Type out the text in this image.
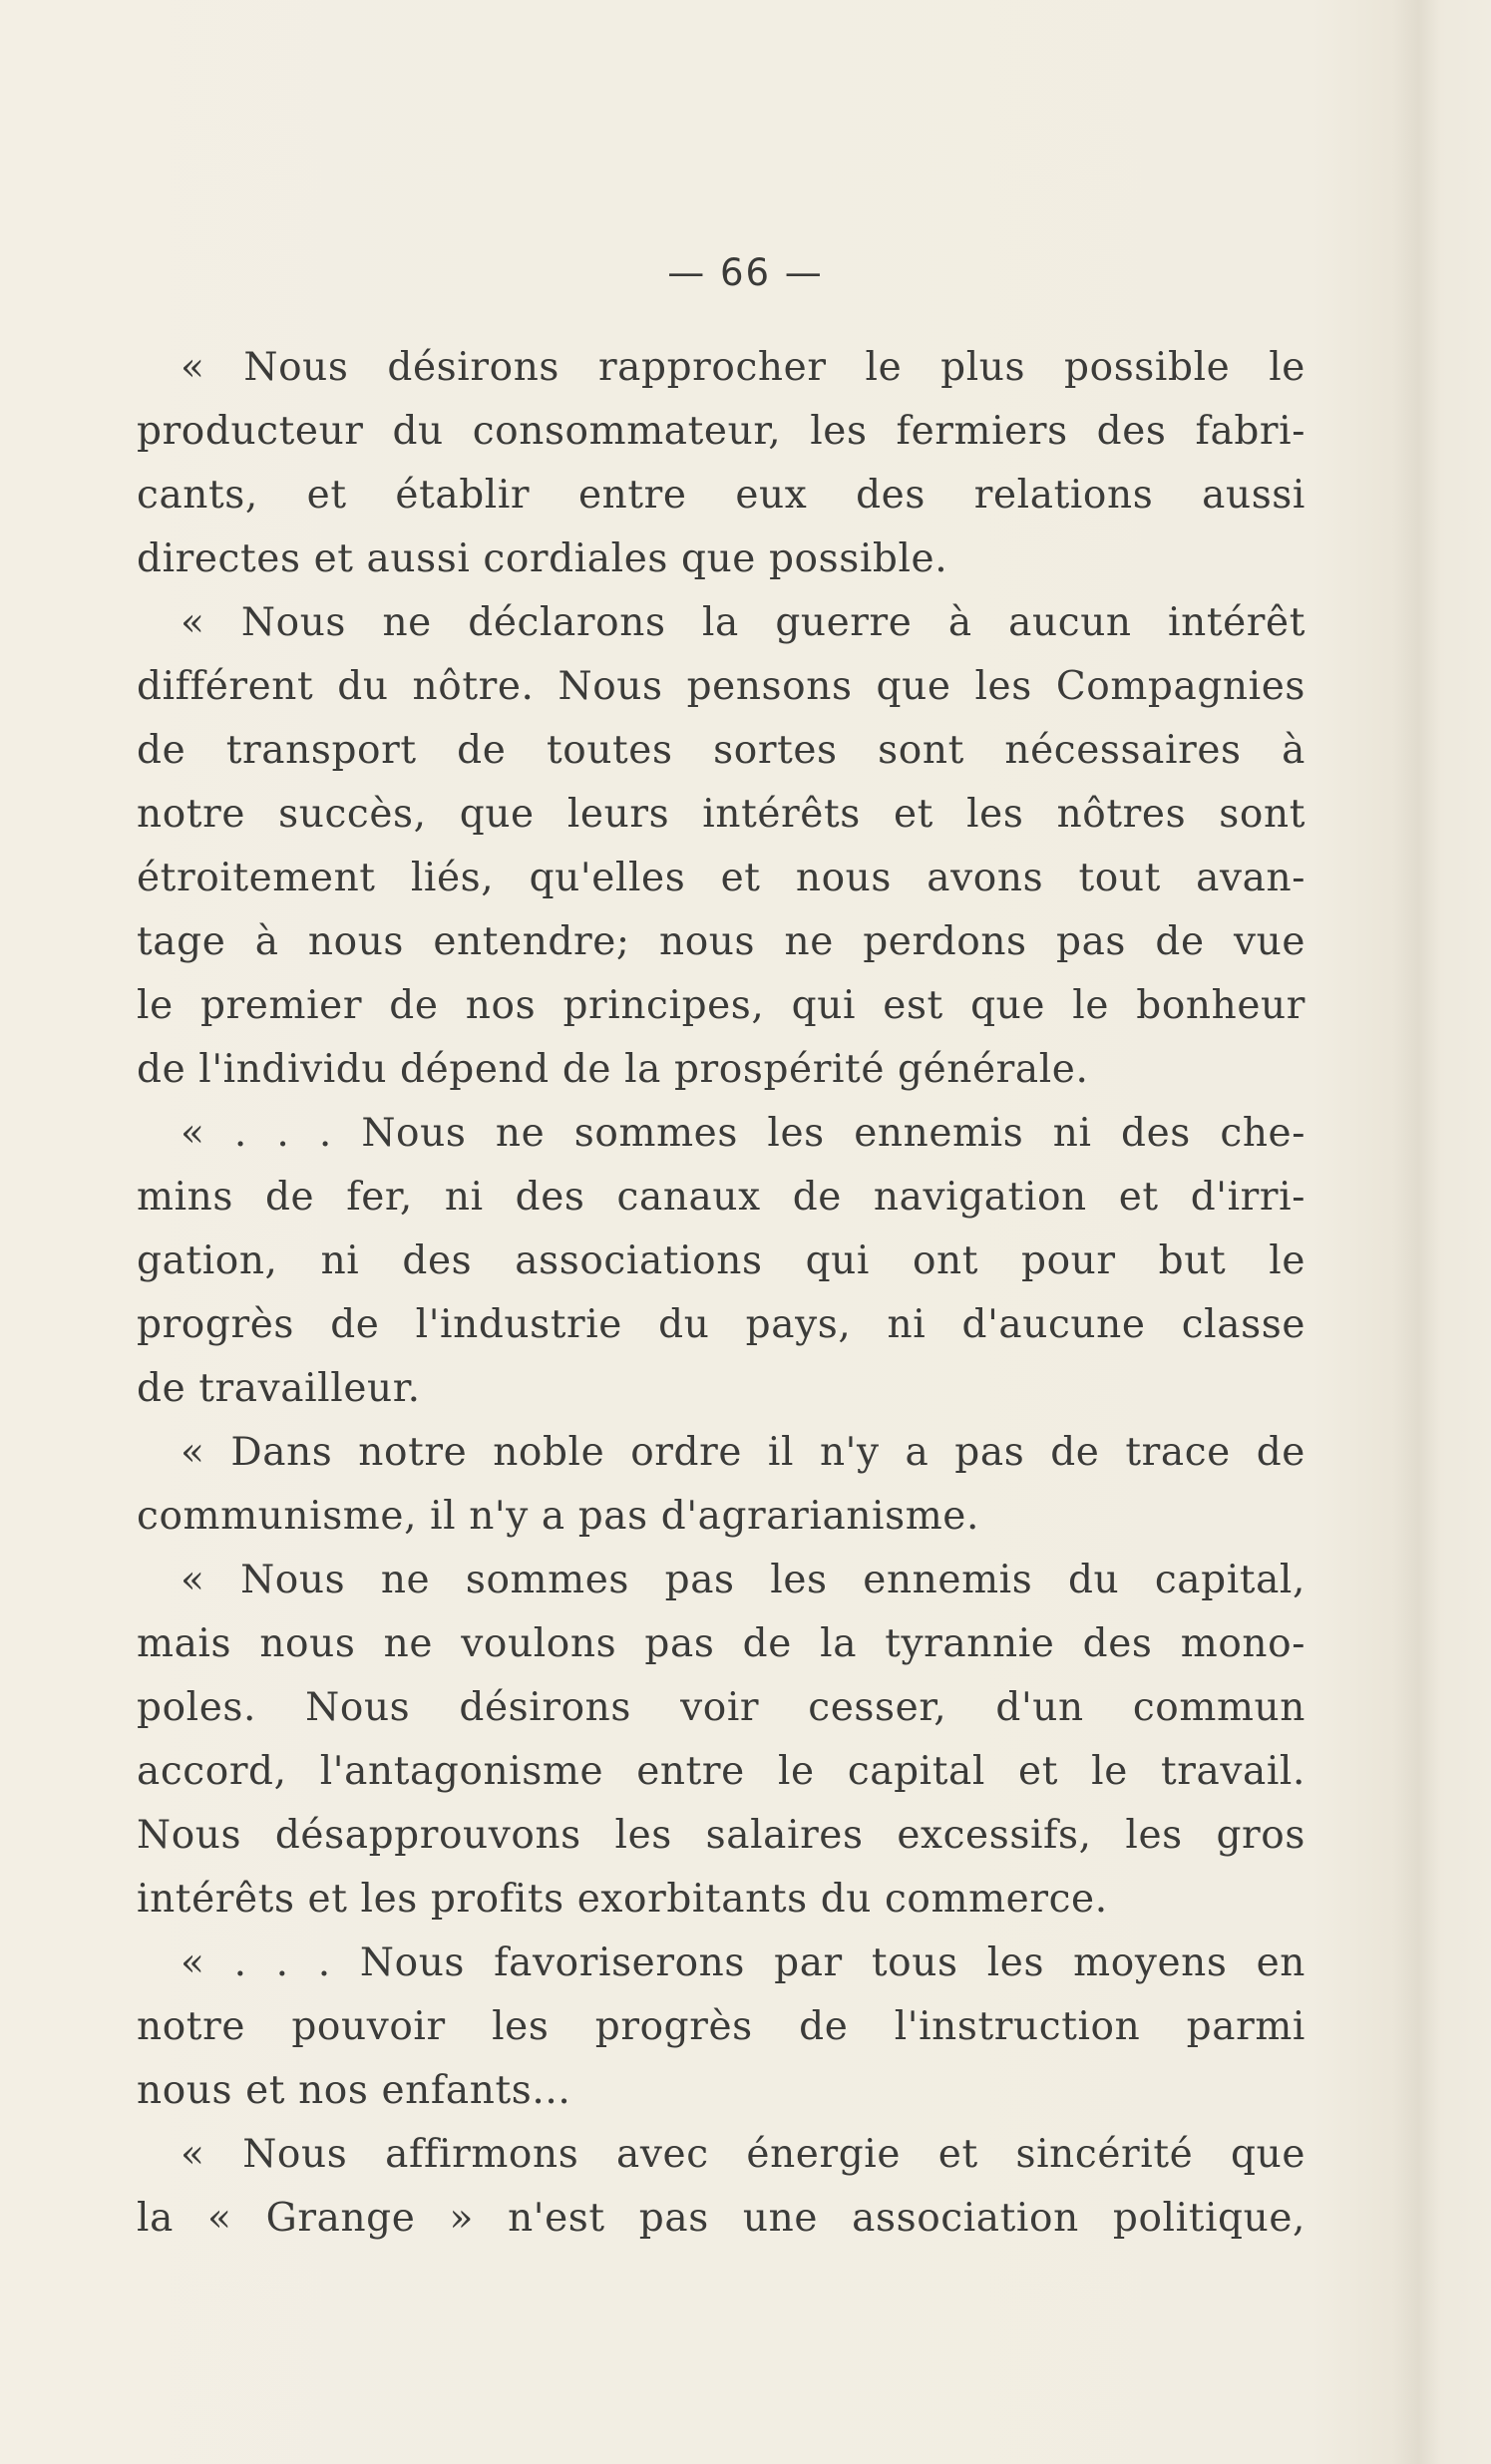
— 66 —
« Nous désirons rapprocher le plus possible le
producteur du consommateur, les fermiers des fabri-
cants, et établir entre eux des relations aussi
directes et aussi cordiales que possible.
« Nous ne déclarons la guerre à aucun intérêt
différent du nôtre. Nous pensons que les Compagnies
de transport de toutes sortes sont nécessaires à
notre succès, que leurs intérêts et les nôtres sont
étroitement liés, qu'elles et nous avons tout avan-
tage à nous entendre; nous ne perdons pas de vue
le premier de nos principes, qui est que le bonheur
de l'individu dépend de la prospérité générale.
« . . . Nous ne sommes les ennemis ni des che-
mins de fer, ni des canaux de navigation et d'irri-
gation, ni des associations qui ont pour but le
progrès de l'industrie du pays, ni d'aucune classe
de travailleur.
« Dans notre noble ordre il n'y a pas de trace de
communisme, il n'y a pas d'agrarianisme.
« Nous ne sommes pas les ennemis du capital,
mais nous ne voulons pas de la tyrannie des mono-
poles. Nous désirons voir cesser, d'un commun
accord, l'antagonisme entre le capital et le travail.
Nous désapprouvons les salaires excessifs, les gros
intérêts et les profits exorbitants du commerce.
« . . . Nous favoriserons par tous les moyens en
notre pouvoir les progrès de l'instruction parmi
nous et nos enfants...
« Nous affirmons avec énergie et sincérité que
la « Grange » n'est pas une association politique,
